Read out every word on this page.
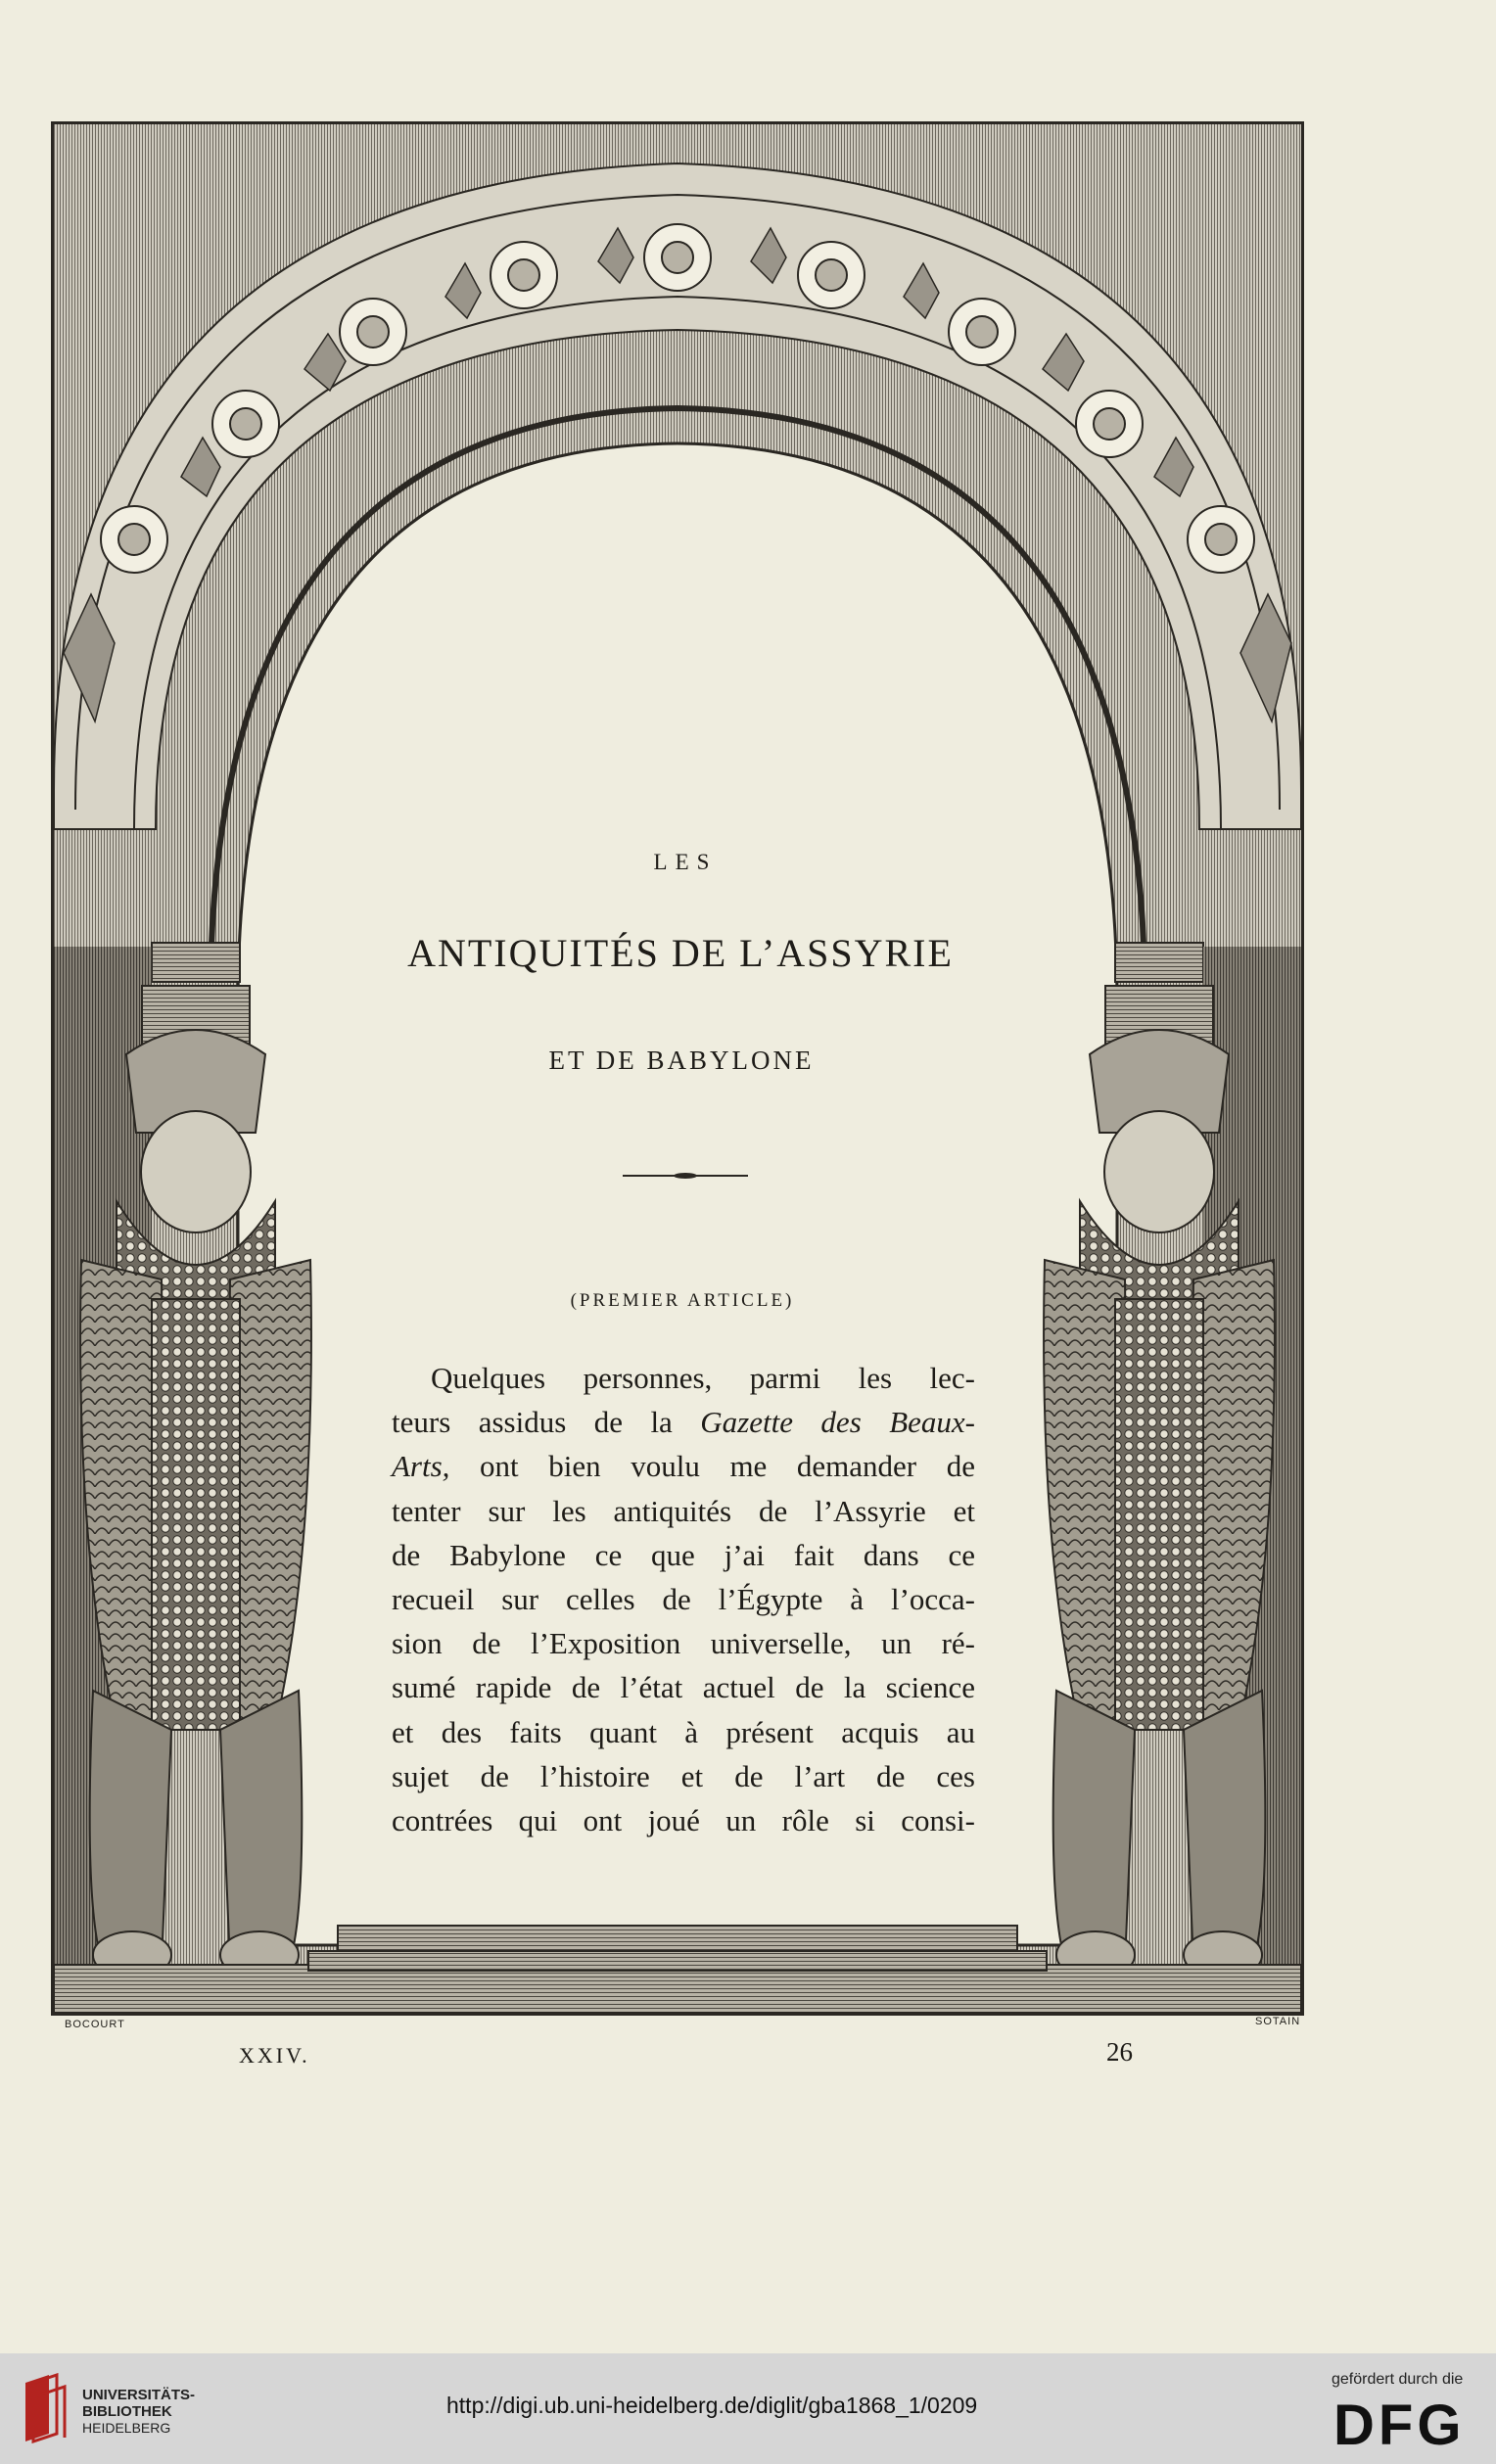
LES
ANTIQUITÉS DE L’ASSYRIE
ET DE BABYLONE
(PREMIER ARTICLE)
Quelques personnes, parmi les lec-
teurs assidus de la Gazette des Beaux-
Arts, ont bien voulu me demander de
tenter sur les antiquités de l’Assyrie et
de Babylone ce que j’ai fait dans ce
recueil sur celles de l’Égypte à l’occa-
sion de l’Exposition universelle, un ré-
sumé rapide de l’état actuel de la science
et des faits quant à présent acquis au
sujet de l’histoire et de l’art de ces
contrées qui ont joué un rôle si consi-
BOCOURT	SOTAIN
XXIV.	26
UNIVERSITÄTS-
BIBLIOTHEK
HEIDELBERG
http://digi.ub.uni-heidelberg.de/diglit/gba1868_1/0209
gefördert durch die
DFG
